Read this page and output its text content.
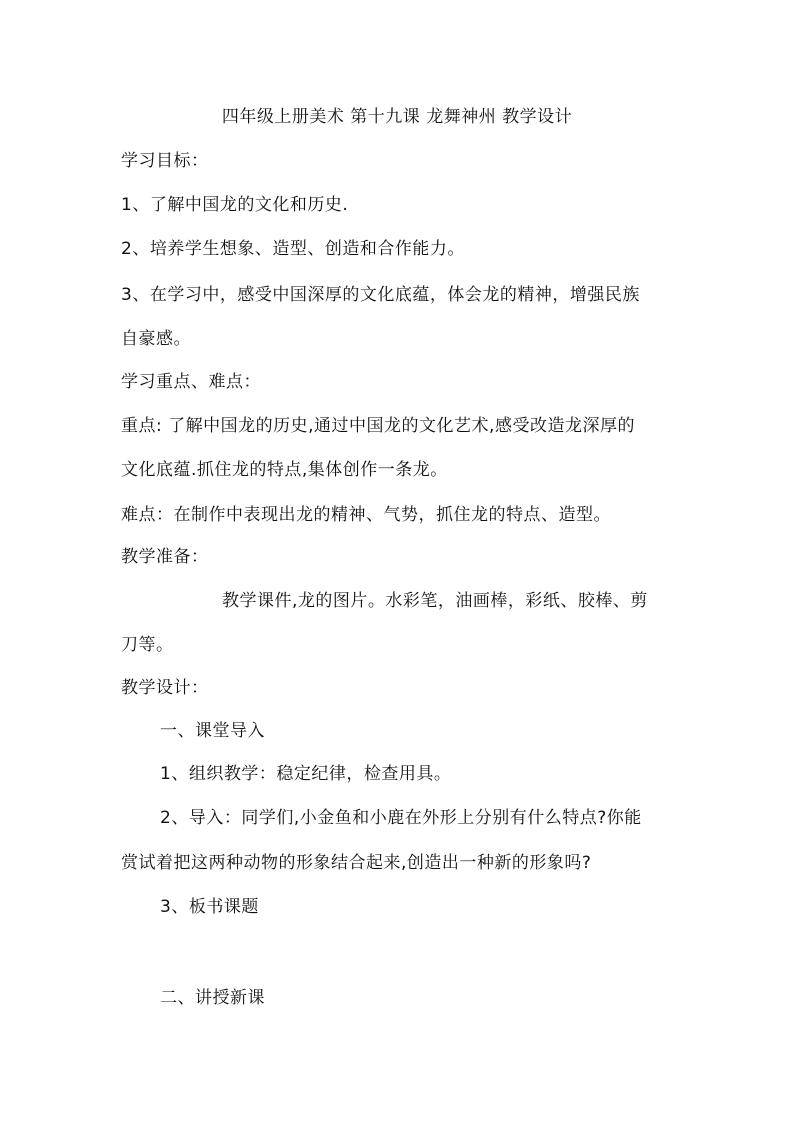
四年级上册美术 第十九课 龙舞神州 教学设计
学习目标：
1、了解中国龙的文化和历史.
2、培养学生想象、造型、创造和合作能力。
3、在学习中，感受中国深厚的文化底蕴，体会龙的精神，增强民族
自豪感。
学习重点、难点：
重点: 了解中国龙的历史,通过中国龙的文化艺术,感受改造龙深厚的
文化底蕴.抓住龙的特点,集体创作一条龙。
难点：在制作中表现出龙的精神、气势，抓住龙的特点、造型。
教学准备：
教学课件,龙的图片。水彩笔，油画棒，彩纸、胶棒、剪
刀等。
教学设计：
一、课堂导入
1、组织教学：稳定纪律，检查用具。
2、导入：同学们,小金鱼和小鹿在外形上分别有什么特点?你能
赏试着把这两种动物的形象结合起来,创造出一种新的形象吗?
3、板书课题
二、讲授新课
